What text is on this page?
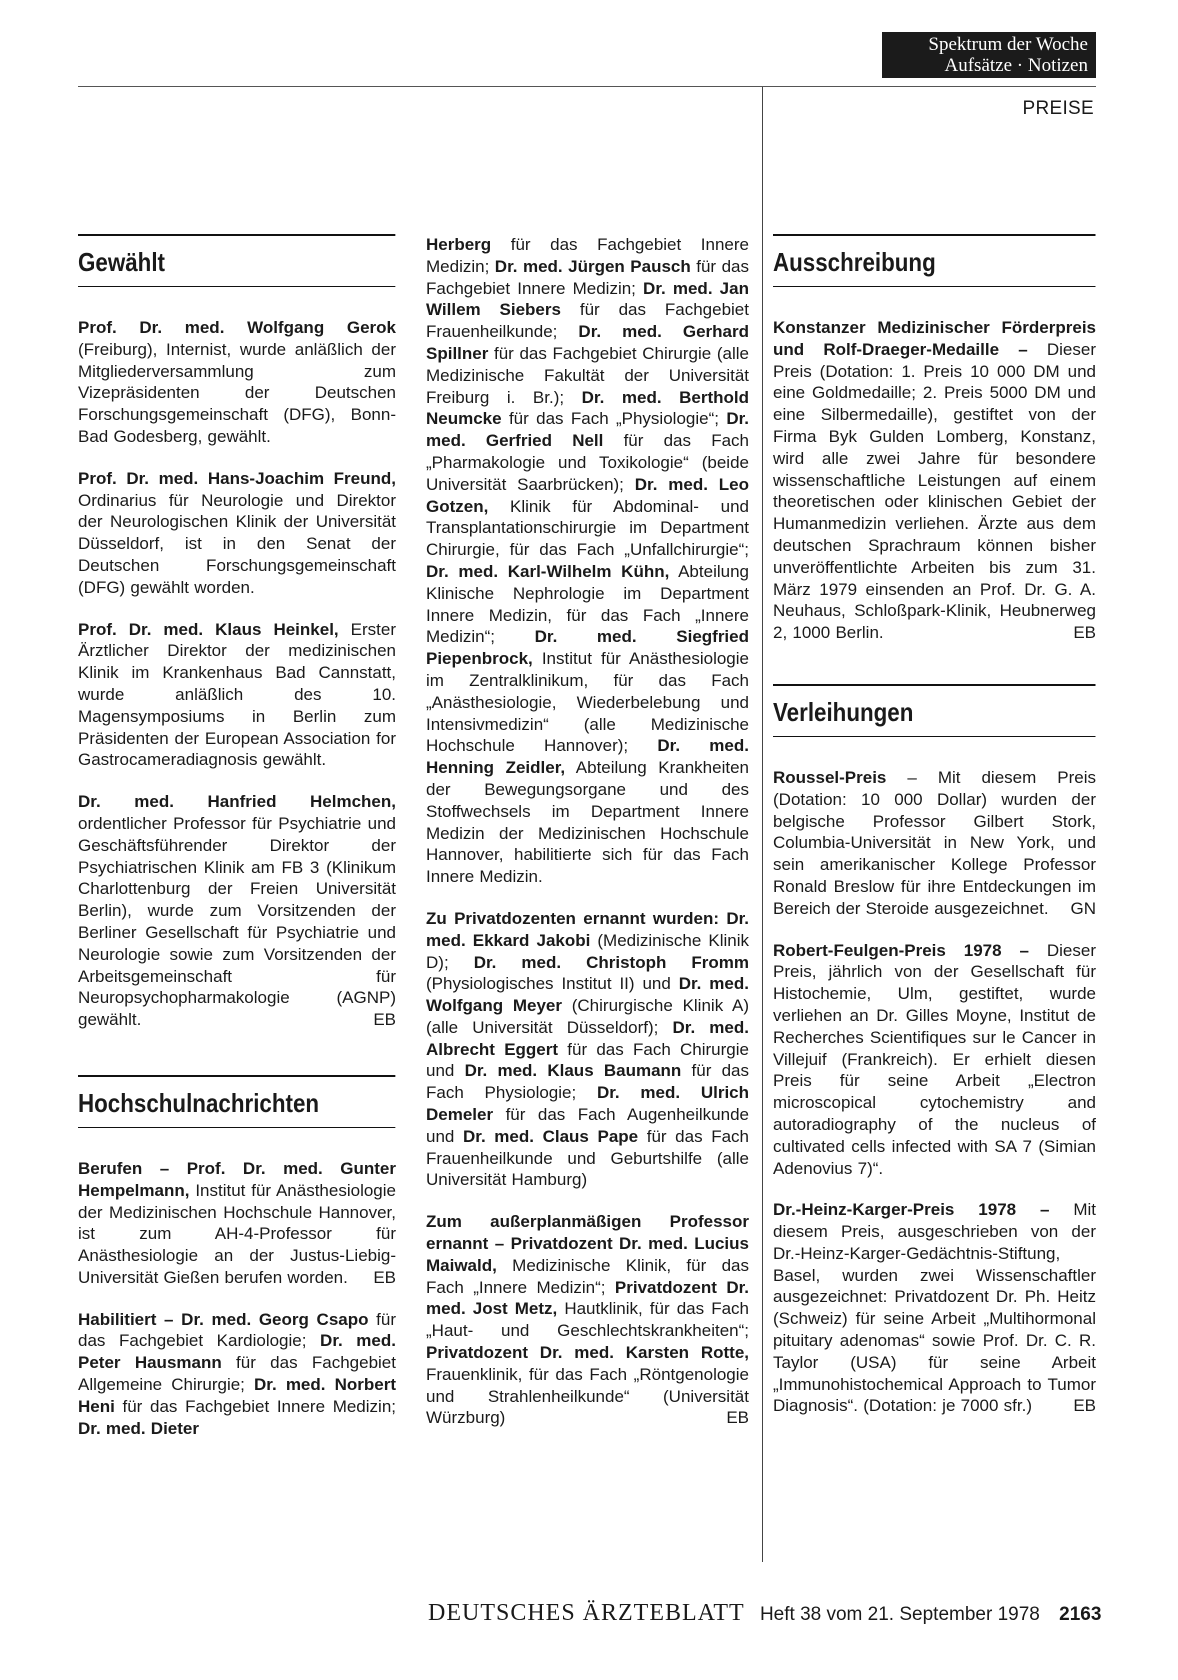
Spektrum der Woche
Aufsätze · Notizen
PREISE
Gewählt

Prof. Dr. med. Wolfgang Gerok (Freiburg), Internist, wurde anläßlich der Mitgliederversammlung zum Vizepräsidenten der Deutschen Forschungsgemeinschaft (DFG), Bonn-Bad Godesberg, gewählt.

Prof. Dr. med. Hans-Joachim Freund, Ordinarius für Neurologie und Direktor der Neurologischen Klinik der Universität Düsseldorf, ist in den Senat der Deutschen Forschungsgemeinschaft (DFG) gewählt worden.

Prof. Dr. med. Klaus Heinkel, Erster Ärztlicher Direktor der medizinischen Klinik im Krankenhaus Bad Cannstatt, wurde anläßlich des 10. Magensymposiums in Berlin zum Präsidenten der European Association for Gastrocameradiagnosis gewählt.

Dr. med. Hanfried Helmchen, ordentlicher Professor für Psychiatrie und Geschäftsführender Direktor der Psychiatrischen Klinik am FB 3 (Klinikum Charlottenburg der Freien Universität Berlin), wurde zum Vorsitzenden der Berliner Gesellschaft für Psychiatrie und Neurologie sowie zum Vorsitzenden der Arbeitsgemeinschaft für Neuropsychopharmakologie (AGNP) gewählt.	EB

Hochschulnachrichten

Berufen – Prof. Dr. med. Gunter Hempelmann, Institut für Anästhesiologie der Medizinischen Hochschule Hannover, ist zum AH-4-Professor für Anästhesiologie an der Justus-Liebig-Universität Gießen berufen worden. EB

Habilitiert – Dr. med. Georg Csapo für das Fachgebiet Kardiologie; Dr. med. Peter Hausmann für das Fachgebiet Allgemeine Chirurgie; Dr. med. Norbert Heni für das Fachgebiet Innere Medizin; Dr. med. Dieter

Herberg für das Fachgebiet Innere Medizin; Dr. med. Jürgen Pausch für das Fachgebiet Innere Medizin; Dr. med. Jan Willem Siebers für das Fachgebiet Frauenheilkunde; Dr. med. Gerhard Spillner für das Fachgebiet Chirurgie (alle Medizinische Fakultät der Universität Freiburg i. Br.); Dr. med. Berthold Neumcke für das Fach „Physiologie“; Dr. med. Gerfried Nell für das Fach „Pharmakologie und Toxikologie“ (beide Universität Saarbrücken); Dr. med. Leo Gotzen, Klinik für Abdominal- und Transplantationschirurgie im Department Chirurgie, für das Fach „Unfallchirurgie“; Dr. med. Karl-Wilhelm Kühn, Abteilung Klinische Nephrologie im Department Innere Medizin, für das Fach „Innere Medizin“; Dr. med. Siegfried Piepenbrock, Institut für Anästhesiologie im Zentralklinikum, für das Fach „Anästhesiologie, Wiederbelebung und Intensivmedizin“ (alle Medizinische Hochschule Hannover); Dr. med. Henning Zeidler, Abteilung Krankheiten der Bewegungsorgane und des Stoffwechsels im Department Innere Medizin der Medizinischen Hochschule Hannover, habilitierte sich für das Fach Innere Medizin.

Zu Privatdozenten ernannt wurden: Dr. med. Ekkard Jakobi (Medizinische Klinik D); Dr. med. Christoph Fromm (Physiologisches Institut II) und Dr. med. Wolfgang Meyer (Chirurgische Klinik A) (alle Universität Düsseldorf); Dr. med. Albrecht Eggert für das Fach Chirurgie und Dr. med. Klaus Baumann für das Fach Physiologie; Dr. med. Ulrich Demeler für das Fach Augenheilkunde und Dr. med. Claus Pape für das Fach Frauenheilkunde und Geburtshilfe (alle Universität Hamburg)

Zum außerplanmäßigen Professor ernannt – Privatdozent Dr. med. Lucius Maiwald, Medizinische Klinik, für das Fach „Innere Medizin“; Privatdozent Dr. med. Jost Metz, Hautklinik, für das Fach „Haut- und Geschlechtskrankheiten“; Privatdozent Dr. med. Karsten Rotte, Frauenklinik, für das Fach „Röntgenologie und Strahlenheilkunde“ (Universität Würzburg)	EB

Ausschreibung

Konstanzer Medizinischer Förderpreis und Rolf-Draeger-Medaille – Dieser Preis (Dotation: 1. Preis 10 000 DM und eine Goldmedaille; 2. Preis 5000 DM und eine Silbermedaille), gestiftet von der Firma Byk Gulden Lomberg, Konstanz, wird alle zwei Jahre für besondere wissenschaftliche Leistungen auf einem theoretischen oder klinischen Gebiet der Humanmedizin verliehen. Ärzte aus dem deutschen Sprachraum können bisher unveröffentlichte Arbeiten bis zum 31. März 1979 einsenden an Prof. Dr. G. A. Neuhaus, Schloßpark-Klinik, Heubnerweg 2, 1000 Berlin.	EB

Verleihungen

Roussel-Preis – Mit diesem Preis (Dotation: 10 000 Dollar) wurden der belgische Professor Gilbert Stork, Columbia-Universität in New York, und sein amerikanischer Kollege Professor Ronald Breslow für ihre Entdeckungen im Bereich der Steroide ausgezeichnet. GN

Robert-Feulgen-Preis 1978 – Dieser Preis, jährlich von der Gesellschaft für Histochemie, Ulm, gestiftet, wurde verliehen an Dr. Gilles Moyne, Institut de Recherches Scientifiques sur le Cancer in Villejuif (Frankreich). Er erhielt diesen Preis für seine Arbeit „Electron microscopical cytochemistry and autoradiography of the nucleus of cultivated cells infected with SA 7 (Simian Adenovius 7)“.

Dr.-Heinz-Karger-Preis 1978 – Mit diesem Preis, ausgeschrieben von der Dr.-Heinz-Karger-Gedächtnis-Stiftung, Basel, wurden zwei Wissenschaftler ausgezeichnet: Privatdozent Dr. Ph. Heitz (Schweiz) für seine Arbeit „Multihormonal pituitary adenomas“ sowie Prof. Dr. C. R. Taylor (USA) für seine Arbeit „Immunohistochemical Approach to Tumor Diagnosis“. (Dotation: je 7000 sfr.) EB

DEUTSCHES ÄRZTEBLATT Heft 38 vom 21. September 1978 2163
